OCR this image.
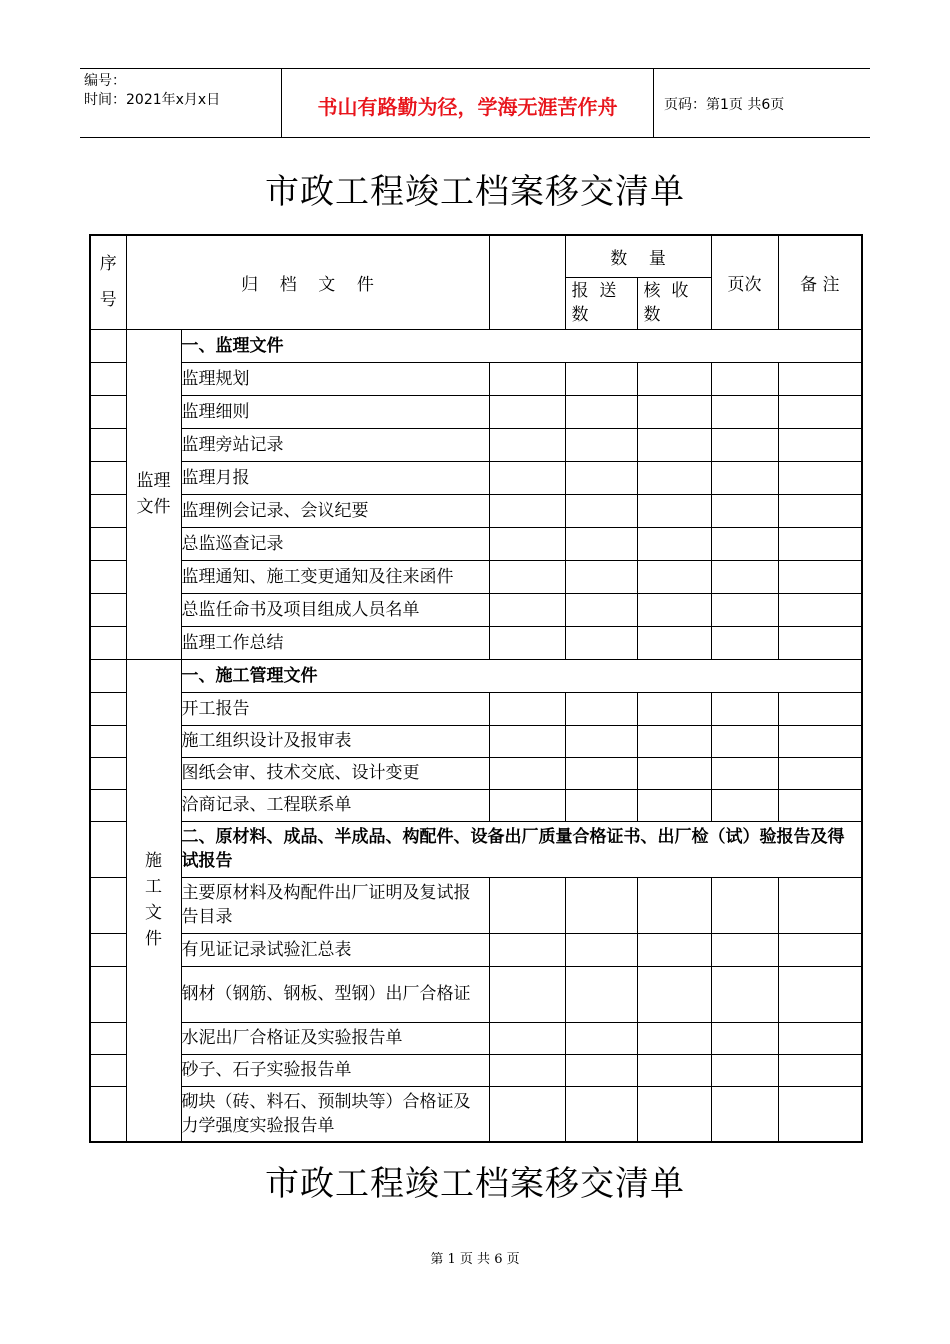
编号：
时间：2021年x月x日	书山有路勤为径，学海无涯苦作舟	页码：第1页 共6页
市政工程竣工档案移交清单
序
号	归    档    文    件			数    量		页次	备 注
				报  送  数	核  收  数		

	监理
文件	一、监理文件					
		监理规划					
		监理细则					
		监理旁站记录					
		监理月报					
		监理例会记录、会议纪要					
		总监巡查记录					
		监理通知、施工变更通知及往来函件					
		总监任命书及项目组成人员名单					
		监理工作总结					

	施
工
文
件	一、施工管理文件					
		开工报告					
		施工组织设计及报审表					
		图纸会审、技术交底、设计变更					
		洽商记录、工程联系单					
		二、原材料、成品、半成品、构配件、设备出厂质量合格证书、出厂检（试）验报告及得试报告					
		主要原材料及构配件出厂证明及复试报告目录					
		有见证记录试验汇总表					
		钢材（钢筋、钢板、型钢）出厂合格证					
		水泥出厂合格证及实验报告单					
		砂子、石子实验报告单					
		砌块（砖、料石、预制块等）合格证及力学强度实验报告单					
市政工程竣工档案移交清单
第 1 页 共 6 页
